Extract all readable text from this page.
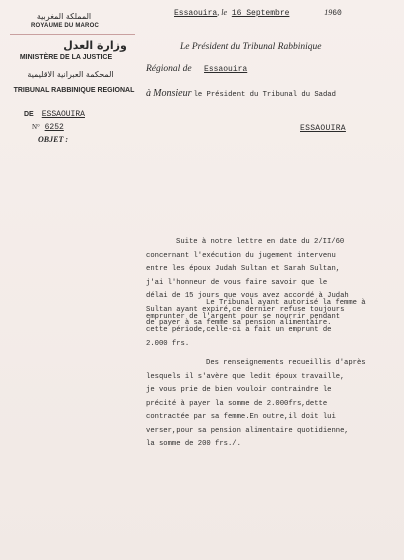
المملكة المغربية
ROYAUME DU MAROC
وزارة العدل
MINISTÈRE DE LA JUSTICE
المحكمة العبرانية الاقليمية
TRIBUNAL RABBINIQUE REGIONAL
DE ESSAOUIRA
N° 6252
OBJET :
Essaouira, le 16 Septembre	1960
Le Président du Tribunal Rabbinique
Régional de Essaouira
à Monsieur le Président du Tribunal du Sadad
ESSAOUIRA

Suite à notre lettre en date du 2/II/60

concernant l'exécution du jugement intervenu

entre les époux Judah Sultan et Sarah Sultan,

j'ai l'honneur de vous faire savoir que le

délai de 15 jours que vous avez accordé à Judah

Sultan ayant expiré,ce dernier refuse toujours

de payer à sa femme sa pension alimentaire.

Le Tribunal ayant autorisé la femme à

emprunter de l'argent pour se nourrir pendant

cette période,celle-ci a fait un emprunt de

2.000 frs.

Des renseignements recueillis d'après

lesquels il s'avère que ledit époux travaille,

je vous prie de bien vouloir contraindre le

précité à payer la somme de 2.000frs,dette

contractée par sa femme.En outre,il doit lui

verser,pour sa pension alimentaire quotidienne,

la somme de 200 frs./.
